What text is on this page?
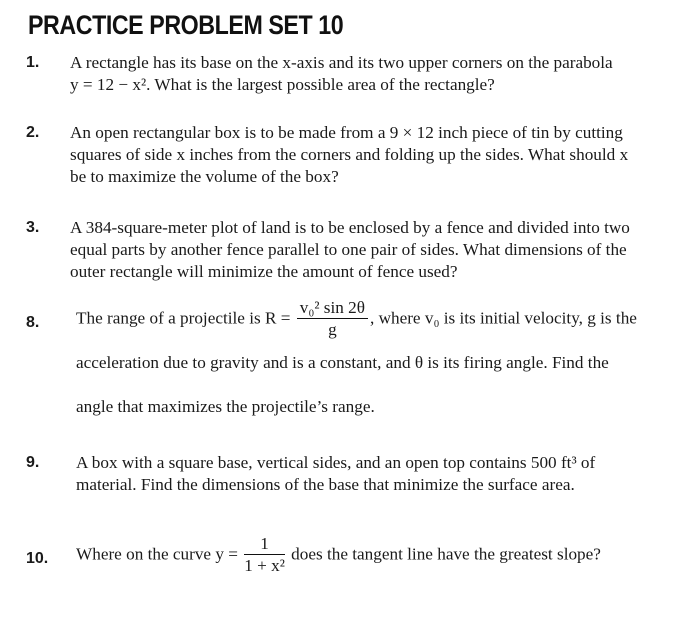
PRACTICE PROBLEM SET 10
1. A rectangle has its base on the x-axis and its two upper corners on the parabola
y = 12 − x². What is the largest possible area of the rectangle?
2. An open rectangular box is to be made from a 9 × 12 inch piece of tin by cutting
squares of side x inches from the corners and folding up the sides. What should x
be to maximize the volume of the box?
3. A 384-square-meter plot of land is to be enclosed by a fence and divided into two
equal parts by another fence parallel to one pair of sides. What dimensions of the
outer rectangle will minimize the amount of fence used?
8. The range of a projectile is $R = \frac{\text{v₀² sin 2θ}}{g}$ , where v₀ is its initial velocity, g is the
acceleration due to gravity and is a constant, and θ is its firing angle. Find the
angle that maximizes the projectile’s range.
9. A box with a square base, vertical sides, and an open top contains 500 ft³ of
material. Find the dimensions of the base that minimize the surface area.
10. Where on the curve $y = \frac{1}{\text{1 + x²}}$ does the tangent line have the greatest slope?
